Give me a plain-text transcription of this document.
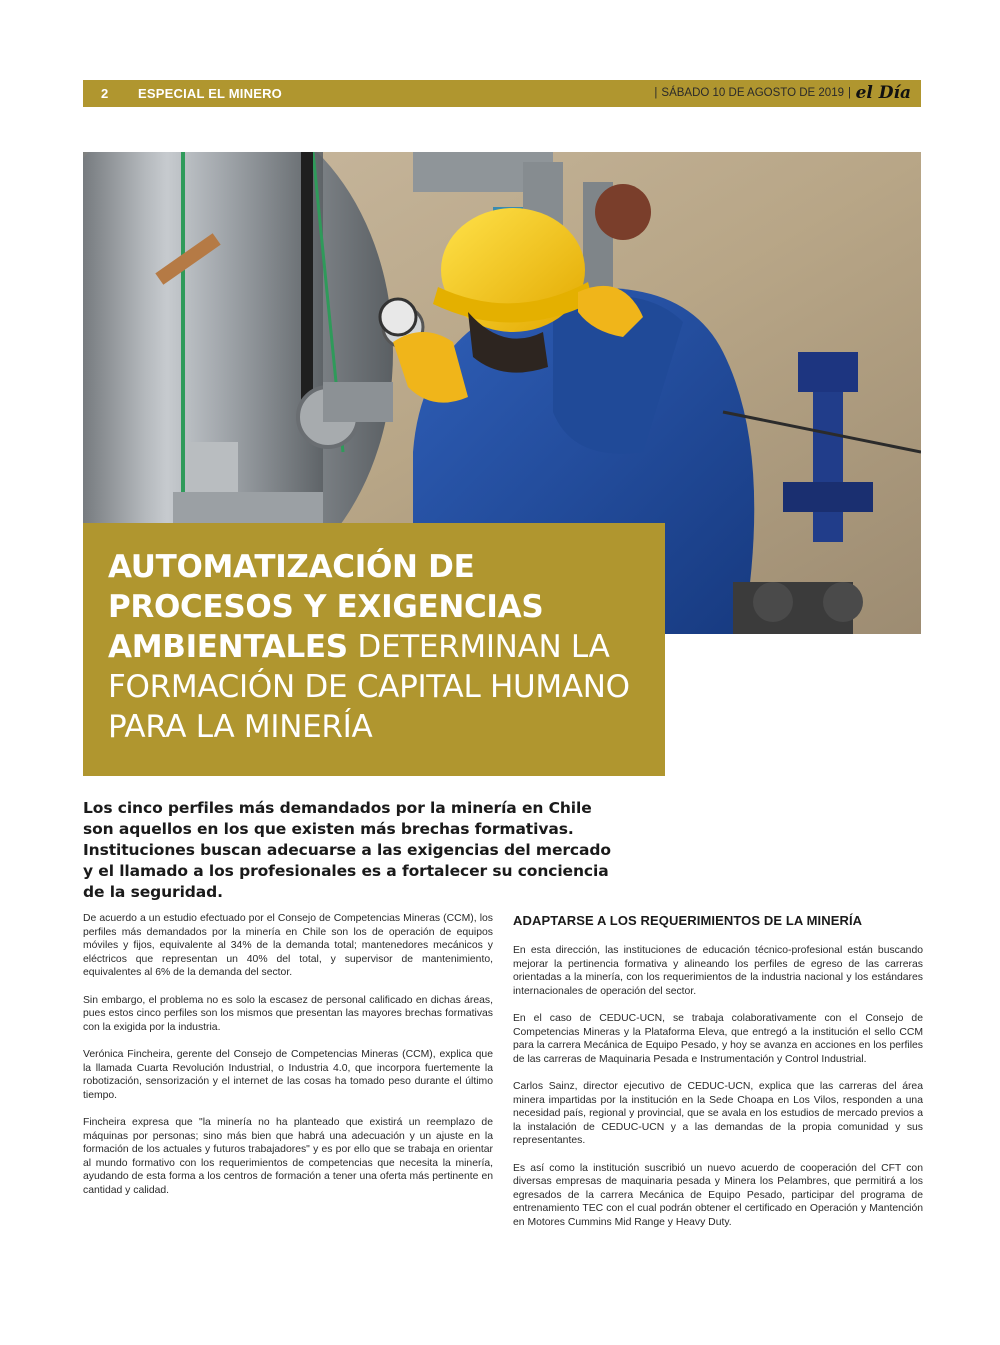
2 ESPECIAL EL MINERO	| SÁBADO 10 DE AGOSTO DE 2019 | el Día
AUTOMATIZACIÓN DE PROCESOS Y EXIGENCIAS AMBIENTALES DETERMINAN LA FORMACIÓN DE CAPITAL HUMANO PARA LA MINERÍA
Los cinco perfiles más demandados por la minería en Chile son aquellos en los que existen más brechas formativas. Instituciones buscan adecuarse a las exigencias del mercado y el llamado a los profesionales es a fortalecer su conciencia de la seguridad.

De acuerdo a un estudio efectuado por el Consejo de Competencias Mineras (CCM), los perfiles más demandados por la minería en Chile son los de operación de equipos móviles y fijos, equivalente al 34% de la demanda total; mantenedores mecánicos y eléctricos que representan un 40% del total, y supervisor de mantenimiento, equivalentes al 6% de la demanda del sector.

Sin embargo, el problema no es solo la escasez de personal calificado en dichas áreas, pues estos cinco perfiles son los mismos que presentan las mayores brechas formativas con la exigida por la industria.

Verónica Fincheira, gerente del Consejo de Competencias Mineras (CCM), explica que la llamada Cuarta Revolución Industrial, o Industria 4.0, que incorpora fuertemente la robotización, sensorización y el internet de las cosas ha tomado peso durante el último tiempo.

Fincheira expresa que "la minería no ha planteado que existirá un reemplazo de máquinas por personas; sino más bien que habrá una adecuación y un ajuste en la formación de los actuales y futuros trabajadores" y es por ello que se trabaja en orientar al mundo formativo con los requerimientos de competencias que necesita la minería, ayudando de esta forma a los centros de formación a tener una oferta más pertinente en cantidad y calidad.

ADAPTARSE A LOS REQUERIMIENTOS DE LA MINERÍA

En esta dirección, las instituciones de educación técnico-profesional están buscando mejorar la pertinencia formativa y alineando los perfiles de egreso de las carreras orientadas a la minería, con los requerimientos de la industria nacional y los estándares internacionales de operación del sector.

En el caso de CEDUC-UCN, se trabaja colaborativamente con el Consejo de Competencias Mineras y la Plataforma Eleva, que entregó a la institución el sello CCM para la carrera Mecánica de Equipo Pesado, y hoy se avanza en acciones en los perfiles de las carreras de Maquinaria Pesada e Instrumentación y Control Industrial.

Carlos Sainz, director ejecutivo de CEDUC-UCN, explica que las carreras del área minera impartidas por la institución en la Sede Choapa en Los Vilos, responden a una necesidad país, regional y provincial, que se avala en los estudios de mercado previos a la instalación de CEDUC-UCN y a las demandas de la propia comunidad y sus representantes.

Es así como la institución suscribió un nuevo acuerdo de cooperación del CFT con diversas empresas de maquinaria pesada y Minera los Pelambres, que permitirá a los egresados de la carrera Mecánica de Equipo Pesado, participar del programa de entrenamiento TEC con el cual podrán obtener el certificado en Operación y Mantención en Motores Cummins Mid Range y Heavy Duty.
